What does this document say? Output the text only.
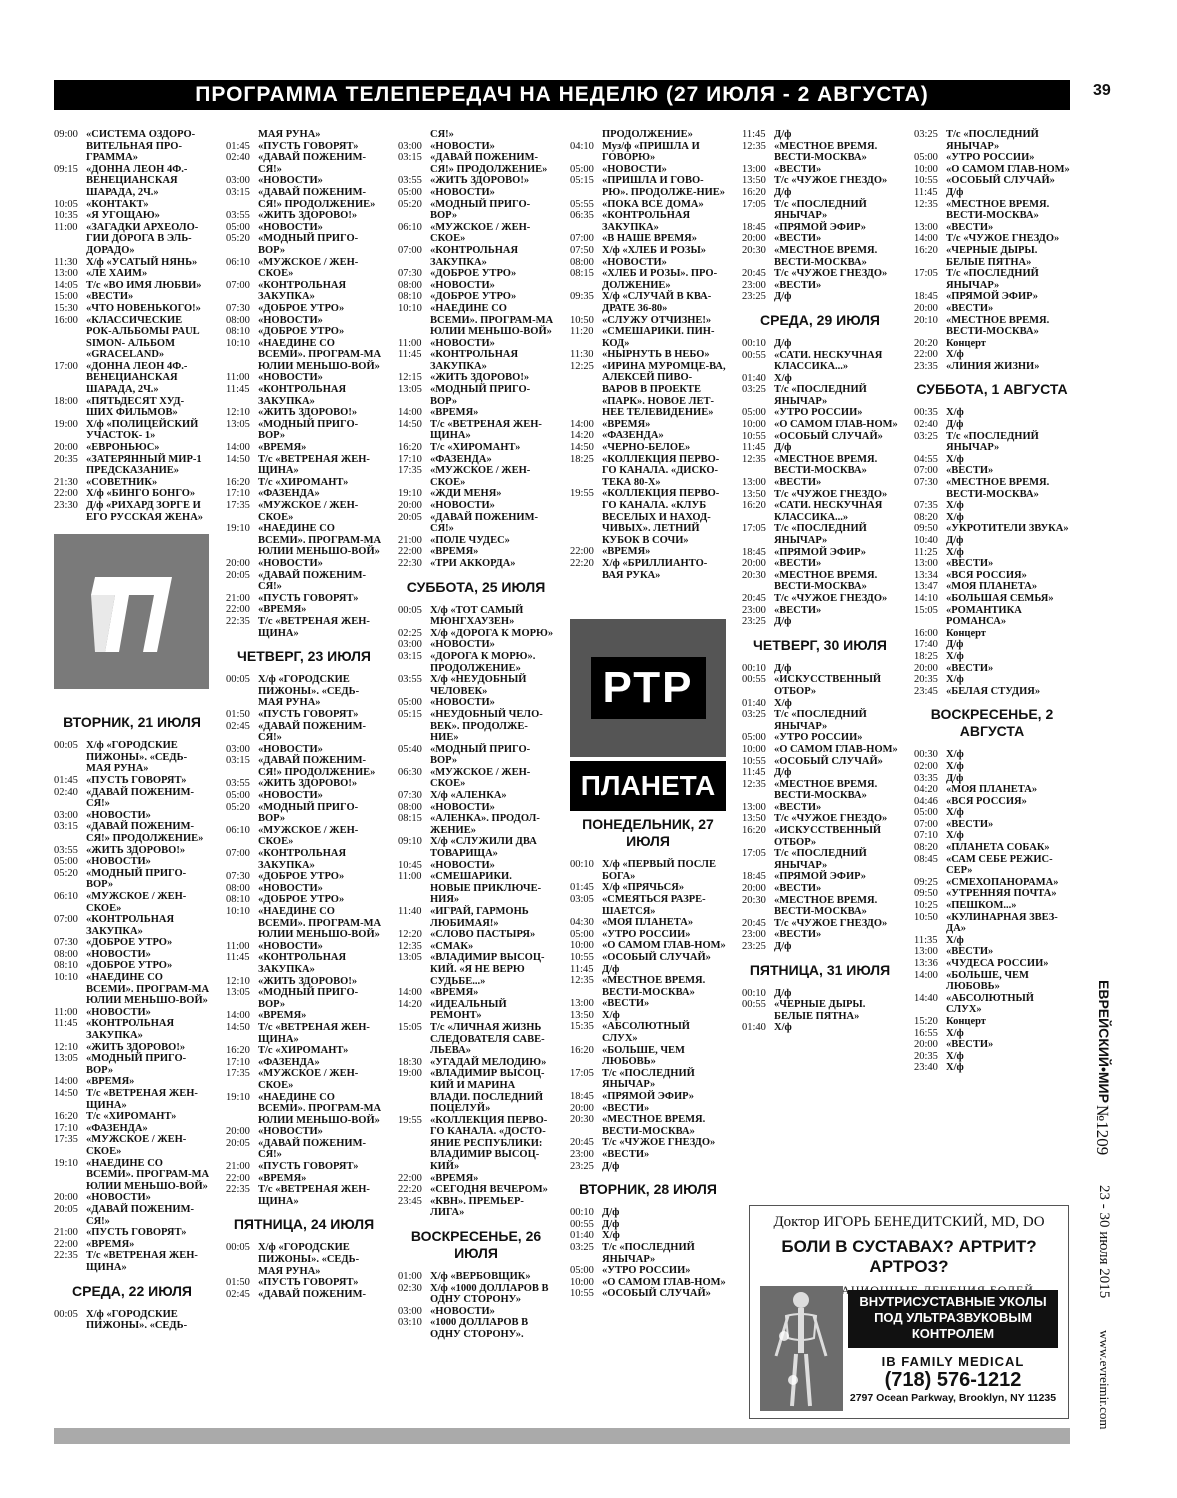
ПРОГРАММА ТЕЛЕПЕРЕДАЧ НА НЕДЕЛЮ (27 ИЮЛЯ - 2 АВГУСТА)	39
09:00 «СИСТЕМА ОЗДОРО-ВИТЕЛЬНАЯ ПРО-ГРАММА»
09:15 «ДОННА ЛЕОН 4Ф.-ВЕНЕЦИАНСКАЯ ШАРАДА, 2Ч.»
10:05 «КОНТАКТ»
10:35 «Я УГОЩАЮ»
11:00 «ЗАГАДКИ АРХЕОЛО-ГИИ ДОРОГА В ЭЛЬ-ДОРАДО»
11:30 Х/ф «УСАТЫЙ НЯНЬ»
13:00 «ЛЕ ХАИМ»
14:05 Т/с «ВО ИМЯ ЛЮБВИ»
15:00 «ВЕСТИ»
15:30 «ЧТО НОВЕНЬКОГО!»
16:00 «КЛАССИЧЕСКИЕ РОК-АЛЬБОМЫ PAUL SIMON- АЛЬБОМ «GRACELAND»
17:00 «ДОННА ЛЕОН 4Ф.-ВЕНЕЦИАНСКАЯ ШАРАДА, 2Ч.»
18:00 «ПЯТЬДЕСЯТ ХУД-ШИХ ФИЛЬМОВ»
19:00 Х/ф «ПОЛИЦЕЙСКИЙ УЧАСТОК- 1»
20:00 «ЕВРОНЬЮС»
20:35 «ЗАТЕРЯННЫЙ МИР-1 ПРЕДСКАЗАНИЕ»
21:30 «СОВЕТНИК»
22:00 Х/ф «БИНГО БОНГО»
23:30 Д/ф «РИХАРД ЗОРГЕ И ЕГО РУССКАЯ ЖЕНА»
ВТОРНИК, 21 ИЮЛЯ
00:05 Х/ф «ГОРОДСКИЕ ПИЖОНЫ». «СЕДЬ-МАЯ РУНА»
01:45 «ПУСТЬ ГОВОРЯТ»
02:40 «ДАВАЙ ПОЖЕНИМ-СЯ!»
03:00 «НОВОСТИ»
03:15 «ДАВАЙ ПОЖЕНИМ-СЯ!» ПРОДОЛЖЕНИЕ»
03:55 «ЖИТЬ ЗДОРОВО!»
05:00 «НОВОСТИ»
05:20 «МОДНЫЙ ПРИГО-ВОР»
06:10 «МУЖСКОЕ / ЖЕН-СКОЕ»
07:00 «КОНТРОЛЬНАЯ ЗАКУПКА»
07:30 «ДОБРОЕ УТРО»
08:00 «НОВОСТИ»
08:10 «ДОБРОЕ УТРО»
10:10 «НАЕДИНЕ СО ВСЕМИ». ПРОГРАМ-МА ЮЛИИ МЕНЬШО-ВОЙ»
11:00 «НОВОСТИ»
11:45 «КОНТРОЛЬНАЯ ЗАКУПКА»
12:10 «ЖИТЬ ЗДОРОВО!»
13:05 «МОДНЫЙ ПРИГО-ВОР»
14:00 «ВРЕМЯ»
14:50 Т/с «ВЕТРЕНАЯ ЖЕН-ЩИНА»
16:20 Т/с «ХИРОМАНТ»
17:10 «ФАЗЕНДА»
17:35 «МУЖСКОЕ / ЖЕН-СКОЕ»
19:10 «НАЕДИНЕ СО ВСЕМИ». ПРОГРАМ-МА ЮЛИИ МЕНЬШО-ВОЙ»
20:00 «НОВОСТИ»
20:05 «ДАВАЙ ПОЖЕНИМ-СЯ!»
21:00 «ПУСТЬ ГОВОРЯТ»
22:00 «ВРЕМЯ»
22:35 Т/с «ВЕТРЕНАЯ ЖЕН-ЩИНА»
СРЕДА, 22 ИЮЛЯ
00:05 Х/ф «ГОРОДСКИЕ ПИЖОНЫ». «СЕДЬ-
МАЯ РУНА»
01:45 «ПУСТЬ ГОВОРЯТ»
02:40 «ДАВАЙ ПОЖЕНИМ-СЯ!»
03:00 «НОВОСТИ»
03:15 «ДАВАЙ ПОЖЕНИМ-СЯ!» ПРОДОЛЖЕНИЕ»
03:55 «ЖИТЬ ЗДОРОВО!»
05:00 «НОВОСТИ»
05:20 «МОДНЫЙ ПРИГО-ВОР»
06:10 «МУЖСКОЕ / ЖЕН-СКОЕ»
07:00 «КОНТРОЛЬНАЯ ЗАКУПКА»
07:30 «ДОБРОЕ УТРО»
08:00 «НОВОСТИ»
08:10 «ДОБРОЕ УТРО»
10:10 «НАЕДИНЕ СО ВСЕМИ». ПРОГРАМ-МА ЮЛИИ МЕНЬШО-ВОЙ»
11:00 «НОВОСТИ»
11:45 «КОНТРОЛЬНАЯ ЗАКУПКА»
12:10 «ЖИТЬ ЗДОРОВО!»
13:05 «МОДНЫЙ ПРИГО-ВОР»
14:00 «ВРЕМЯ»
14:50 Т/с «ВЕТРЕНАЯ ЖЕН-ЩИНА»
16:20 Т/с «ХИРОМАНТ»
17:10 «ФАЗЕНДА»
17:35 «МУЖСКОЕ / ЖЕН-СКОЕ»
19:10 «НАЕДИНЕ СО ВСЕМИ». ПРОГРАМ-МА ЮЛИИ МЕНЬШО-ВОЙ»
20:00 «НОВОСТИ»
20:05 «ДАВАЙ ПОЖЕНИМ-СЯ!»
21:00 «ПУСТЬ ГОВОРЯТ»
22:00 «ВРЕМЯ»
22:35 Т/с «ВЕТРЕНАЯ ЖЕН-ЩИНА»
ЧЕТВЕРГ, 23 ИЮЛЯ
00:05 Х/ф «ГОРОДСКИЕ ПИЖОНЫ». «СЕДЬ-МАЯ РУНА»
01:50 «ПУСТЬ ГОВОРЯТ»
02:45 «ДАВАЙ ПОЖЕНИМ-СЯ!»
03:00 «НОВОСТИ»
03:15 «ДАВАЙ ПОЖЕНИМ-СЯ!» ПРОДОЛЖЕНИЕ»
03:55 «ЖИТЬ ЗДОРОВО!»
05:00 «НОВОСТИ»
05:20 «МОДНЫЙ ПРИГО-ВОР»
06:10 «МУЖСКОЕ / ЖЕН-СКОЕ»
07:00 «КОНТРОЛЬНАЯ ЗАКУПКА»
07:30 «ДОБРОЕ УТРО»
08:00 «НОВОСТИ»
08:10 «ДОБРОЕ УТРО»
10:10 «НАЕДИНЕ СО ВСЕМИ». ПРОГРАМ-МА ЮЛИИ МЕНЬШО-ВОЙ»
11:00 «НОВОСТИ»
11:45 «КОНТРОЛЬНАЯ ЗАКУПКА»
12:10 «ЖИТЬ ЗДОРОВО!»
13:05 «МОДНЫЙ ПРИГО-ВОР»
14:00 «ВРЕМЯ»
14:50 Т/с «ВЕТРЕНАЯ ЖЕН-ЩИНА»
16:20 Т/с «ХИРОМАНТ»
17:10 «ФАЗЕНДА»
17:35 «МУЖСКОЕ / ЖЕН-СКОЕ»
19:10 «НАЕДИНЕ СО ВСЕМИ». ПРОГРАМ-МА ЮЛИИ МЕНЬШО-ВОЙ»
20:00 «НОВОСТИ»
20:05 «ДАВАЙ ПОЖЕНИМ-СЯ!»
21:00 «ПУСТЬ ГОВОРЯТ»
22:00 «ВРЕМЯ»
22:35 Т/с «ВЕТРЕНАЯ ЖЕН-ЩИНА»
ПЯТНИЦА, 24 ИЮЛЯ
00:05 Х/ф «ГОРОДСКИЕ ПИЖОНЫ». «СЕДЬ-МАЯ РУНА»
01:50 «ПУСТЬ ГОВОРЯТ»
02:45 «ДАВАЙ ПОЖЕНИМ-
СЯ!»
03:00 «НОВОСТИ»
03:15 «ДАВАЙ ПОЖЕНИМ-СЯ!» ПРОДОЛЖЕНИЕ»
03:55 «ЖИТЬ ЗДОРОВО!»
05:00 «НОВОСТИ»
05:20 «МОДНЫЙ ПРИГО-ВОР»
06:10 «МУЖСКОЕ / ЖЕН-СКОЕ»
07:00 «КОНТРОЛЬНАЯ ЗАКУПКА»
07:30 «ДОБРОЕ УТРО»
08:00 «НОВОСТИ»
08:10 «ДОБРОЕ УТРО»
10:10 «НАЕДИНЕ СО ВСЕМИ». ПРОГРАМ-МА ЮЛИИ МЕНЬШО-ВОЙ»
11:00 «НОВОСТИ»
11:45 «КОНТРОЛЬНАЯ ЗАКУПКА»
12:15 «ЖИТЬ ЗДОРОВО!»
13:05 «МОДНЫЙ ПРИГО-ВОР»
14:00 «ВРЕМЯ»
14:50 Т/с «ВЕТРЕНАЯ ЖЕН-ЩИНА»
16:20 Т/с «ХИРОМАНТ»
17:10 «ФАЗЕНДА»
17:35 «МУЖСКОЕ / ЖЕН-СКОЕ»
19:10 «ЖДИ МЕНЯ»
20:00 «НОВОСТИ»
20:05 «ДАВАЙ ПОЖЕНИМ-СЯ!»
21:00 «ПОЛЕ ЧУДЕС»
22:00 «ВРЕМЯ»
22:30 «ТРИ АККОРДА»
СУББОТА, 25 ИЮЛЯ
00:05 Х/ф «ТОТ САМЫЙ МЮНГХАУЗЕН»
02:25 Х/ф «ДОРОГА К МОРЮ»
03:00 «НОВОСТИ»
03:15 «ДОРОГА К МОРЮ». ПРОДОЛЖЕНИЕ»
03:55 Х/ф «НЕУДОБНЫЙ ЧЕЛОВЕК»
05:00 «НОВОСТИ»
05:15 «НЕУДОБНЫЙ ЧЕЛО-ВЕК». ПРОДОЛЖЕ-НИЕ»
05:40 «МОДНЫЙ ПРИГО-ВОР»
06:30 «МУЖСКОЕ / ЖЕН-СКОЕ»
07:30 Х/ф «АЛЕНКА»
08:00 «НОВОСТИ»
08:15 «АЛЕНКА». ПРОДОЛ-ЖЕНИЕ»
09:10 Х/ф «СЛУЖИЛИ ДВА ТОВАРИЩА»
10:45 «НОВОСТИ»
11:00 «СМЕШАРИКИ. НОВЫЕ ПРИКЛЮЧЕ-НИЯ»
11:40 «ИГРАЙ, ГАРМОНЬ ЛЮБИМАЯ!»
12:20 «СЛОВО ПАСТЫРЯ»
12:35 «СМАК»
13:05 «ВЛАДИМИР ВЫСОЦ-КИЙ. «Я НЕ ВЕРЮ СУДЬБЕ...»
14:00 «ВРЕМЯ»
14:20 «ИДЕАЛЬНЫЙ РЕМОНТ»
15:05 Т/с «ЛИЧНАЯ ЖИЗНЬ СЛЕДОВАТЕЛЯ САВЕ-ЛЬЕВА»
18:30 «УГАДАЙ МЕЛОДИЮ»
19:00 «ВЛАДИМИР ВЫСОЦ-КИЙ И МАРИНА ВЛАДИ. ПОСЛЕДНИЙ ПОЦЕЛУЙ»
19:55 «КОЛЛЕКЦИЯ ПЕРВО-ГО КАНАЛА. «ДОСТО-ЯНИЕ РЕСПУБЛИКИ: ВЛАДИМИР ВЫСОЦ-КИЙ»
22:00 «ВРЕМЯ»
22:20 «СЕГОДНЯ ВЕЧЕРОМ»
23:45 «КВН». ПРЕМЬЕР-ЛИГА»
ВОСКРЕСЕНЬЕ, 26 ИЮЛЯ
01:00 Х/ф «ВЕРБОВЩИК»
02:30 Х/ф «1000 ДОЛЛАРОВ В ОДНУ СТОРОНУ»
03:00 «НОВОСТИ»
03:10 «1000 ДОЛЛАРОВ В ОДНУ СТОРОНУ».
ПРОДОЛЖЕНИЕ»
04:10 Муз/ф «ПРИШЛА И ГОВОРЮ»
05:00 «НОВОСТИ»
05:15 «ПРИШЛА И ГОВО-РЮ». ПРОДОЛЖЕ-НИЕ»
05:55 «ПОКА ВСЕ ДОМА»
06:35 «КОНТРОЛЬНАЯ ЗАКУПКА»
07:00 «В НАШЕ ВРЕМЯ»
07:50 Х/ф «ХЛЕБ И РОЗЫ»
08:00 «НОВОСТИ»
08:15 «ХЛЕБ И РОЗЫ». ПРО-ДОЛЖЕНИЕ»
09:35 Х/ф «СЛУЧАЙ В КВА-ДРАТЕ 36-80»
10:50 «СЛУЖУ ОТЧИЗНЕ!»
11:20 «СМЕШАРИКИ. ПИН-КОД»
11:30 «НЫРНУТЬ В НЕБО»
12:25 «ИРИНА МУРОМЦЕ-ВА, АЛЕКСЕЙ ПИВО-ВАРОВ В ПРОЕКТЕ «ПАРК». НОВОЕ ЛЕТ-НЕЕ ТЕЛЕВИДЕНИЕ»
14:00 «ВРЕМЯ»
14:20 «ФАЗЕНДА»
14:50 «ЧЕРНО-БЕЛОЕ»
18:25 «КОЛЛЕКЦИЯ ПЕРВО-ГО КАНАЛА. «ДИСКО-ТЕКА 80-Х»
19:55 «КОЛЛЕКЦИЯ ПЕРВО-ГО КАНАЛА. «КЛУБ ВЕСЕЛЫХ И НАХОД-ЧИВЫХ». ЛЕТНИЙ КУБОК В СОЧИ»
22:00 «ВРЕМЯ»
22:20 Х/ф «БРИЛЛИАНТО-ВАЯ РУКА»
ПОНЕДЕЛЬНИК, 27 ИЮЛЯ
00:10 Х/ф «ПЕРВЫЙ ПОСЛЕ БОГА»
01:45 Х/ф «ПРЯЧЬСЯ»
03:05 «СМЕЯТЬСЯ РАЗРЕ-ШАЕТСЯ»
04:30 «МОЯ ПЛАНЕТА»
05:00 «УТРО РОССИИ»
10:00 «О САМОМ ГЛАВ-НОМ»
10:55 «ОСОБЫЙ СЛУЧАЙ»
11:45 Д/ф
12:35 «МЕСТНОЕ ВРЕМЯ. ВЕСТИ-МОСКВА»
13:00 «ВЕСТИ»
13:50 Х/ф
15:35 «АБСОЛЮТНЫЙ СЛУХ»
16:20 «БОЛЬШЕ, ЧЕМ ЛЮБОВЬ»
17:05 Т/с «ПОСЛЕДНИЙ ЯНЫЧАР»
18:45 «ПРЯМОЙ ЭФИР»
20:00 «ВЕСТИ»
20:30 «МЕСТНОЕ ВРЕМЯ. ВЕСТИ-МОСКВА»
20:45 Т/с «ЧУЖОЕ ГНЕЗДО»
23:00 «ВЕСТИ»
23:25 Д/ф
ВТОРНИК, 28 ИЮЛЯ
00:10 Д/ф
00:55 Д/ф
01:40 Х/ф
03:25 Т/с «ПОСЛЕДНИЙ ЯНЫЧАР»
05:00 «УТРО РОССИИ»
10:00 «О САМОМ ГЛАВ-НОМ»
10:55 «ОСОБЫЙ СЛУЧАЙ»
11:45 Д/ф
12:35 «МЕСТНОЕ ВРЕМЯ. ВЕСТИ-МОСКВА»
13:00 «ВЕСТИ»
13:50 Т/с «ЧУЖОЕ ГНЕЗДО»
16:20 Д/ф
17:05 Т/с «ПОСЛЕДНИЙ ЯНЫЧАР»
18:45 «ПРЯМОЙ ЭФИР»
20:00 «ВЕСТИ»
20:30 «МЕСТНОЕ ВРЕМЯ. ВЕСТИ-МОСКВА»
20:45 Т/с «ЧУЖОЕ ГНЕЗДО»
23:00 «ВЕСТИ»
23:25 Д/ф
СРЕДА, 29 ИЮЛЯ
00:10 Д/ф
00:55 «САТИ. НЕСКУЧНАЯ КЛАССИКА...»
01:40 Х/ф
03:25 Т/с «ПОСЛЕДНИЙ ЯНЫЧАР»
05:00 «УТРО РОССИИ»
10:00 «О САМОМ ГЛАВ-НОМ»
10:55 «ОСОБЫЙ СЛУЧАЙ»
11:45 Д/ф
12:35 «МЕСТНОЕ ВРЕМЯ. ВЕСТИ-МОСКВА»
13:00 «ВЕСТИ»
13:50 Т/с «ЧУЖОЕ ГНЕЗДО»
16:20 «САТИ. НЕСКУЧНАЯ КЛАССИКА...»
17:05 Т/с «ПОСЛЕДНИЙ ЯНЫЧАР»
18:45 «ПРЯМОЙ ЭФИР»
20:00 «ВЕСТИ»
20:30 «МЕСТНОЕ ВРЕМЯ. ВЕСТИ-МОСКВА»
20:45 Т/с «ЧУЖОЕ ГНЕЗДО»
23:00 «ВЕСТИ»
23:25 Д/ф
ЧЕТВЕРГ, 30 ИЮЛЯ
00:10 Д/ф
00:55 «ИСКУССТВЕННЫЙ ОТБОР»
01:40 Х/ф
03:25 Т/с «ПОСЛЕДНИЙ ЯНЫЧАР»
05:00 «УТРО РОССИИ»
10:00 «О САМОМ ГЛАВ-НОМ»
10:55 «ОСОБЫЙ СЛУЧАЙ»
11:45 Д/ф
12:35 «МЕСТНОЕ ВРЕМЯ. ВЕСТИ-МОСКВА»
13:00 «ВЕСТИ»
13:50 Т/с «ЧУЖОЕ ГНЕЗДО»
16:20 «ИСКУССТВЕННЫЙ ОТБОР»
17:05 Т/с «ПОСЛЕДНИЙ ЯНЫЧАР»
18:45 «ПРЯМОЙ ЭФИР»
20:00 «ВЕСТИ»
20:30 «МЕСТНОЕ ВРЕМЯ. ВЕСТИ-МОСКВА»
20:45 Т/с «ЧУЖОЕ ГНЕЗДО»
23:00 «ВЕСТИ»
23:25 Д/ф
ПЯТНИЦА, 31 ИЮЛЯ
00:10 Д/ф
00:55 «ЧЕРНЫЕ ДЫРЫ. БЕЛЫЕ ПЯТНА»
01:40 Х/ф
03:25 Т/с «ПОСЛЕДНИЙ ЯНЫЧАР»
05:00 «УТРО РОССИИ»
10:00 «О САМОМ ГЛАВ-НОМ»
10:55 «ОСОБЫЙ СЛУЧАЙ»
11:45 Д/ф
12:35 «МЕСТНОЕ ВРЕМЯ. ВЕСТИ-МОСКВА»
13:00 «ВЕСТИ»
14:00 Т/с «ЧУЖОЕ ГНЕЗДО»
16:20 «ЧЕРНЫЕ ДЫРЫ. БЕЛЫЕ ПЯТНА»
17:05 Т/с «ПОСЛЕДНИЙ ЯНЫЧАР»
18:45 «ПРЯМОЙ ЭФИР»
20:00 «ВЕСТИ»
20:10 «МЕСТНОЕ ВРЕМЯ. ВЕСТИ-МОСКВА»
20:20 Концерт
22:00 Х/ф
23:35 «ЛИНИЯ ЖИЗНИ»
СУББОТА, 1 АВГУСТА
00:35 Х/ф
02:40 Д/ф
03:25 Т/с «ПОСЛЕДНИЙ ЯНЫЧАР»
04:55 Х/ф
07:00 «ВЕСТИ»
07:30 «МЕСТНОЕ ВРЕМЯ. ВЕСТИ-МОСКВА»
07:35 Х/ф
08:20 Х/ф
09:50 «УКРОТИТЕЛИ ЗВУКА»
10:40 Д/ф
11:25 Х/ф
13:00 «ВЕСТИ»
13:34 «ВСЯ РОССИЯ»
13:47 «МОЯ ПЛАНЕТА»
14:10 «БОЛЬШАЯ СЕМЬЯ»
15:05 «РОМАНТИКА РОМАНСА»
16:00 Концерт
17:40 Д/ф
18:25 Х/ф
20:00 «ВЕСТИ»
20:35 Х/ф
23:45 «БЕЛАЯ СТУДИЯ»
ВОСКРЕСЕНЬЕ, 2 АВГУСТА
00:30 Х/ф
02:00 Х/ф
03:35 Д/ф
04:20 «МОЯ ПЛАНЕТА»
04:46 «ВСЯ РОССИЯ»
05:00 Х/ф
07:00 «ВЕСТИ»
07:10 Х/ф
08:20 «ПЛАНЕТА СОБАК»
08:45 «САМ СЕБЕ РЕЖИС-СЕР»
09:25 «СМЕХОПАНОРАМА»
09:50 «УТРЕННЯЯ ПОЧТА»
10:25 «ПЕШКОМ...»
10:50 «КУЛИНАРНАЯ ЗВЕЗ-ДА»
11:35 Х/ф
13:00 «ВЕСТИ»
13:36 «ЧУДЕСА РОССИИ»
14:00 «БОЛЬШЕ, ЧЕМ ЛЮБОВЬ»
14:40 «АБСОЛЮТНЫЙ СЛУХ»
15:20 Концерт
16:55 Х/ф
20:00 «ВЕСТИ»
20:35 Х/ф
23:40 Х/ф
РТР
ПЛАНЕТА
Доктор ИГОРЬ БЕНЕДИТСКИЙ, MD, DO
БОЛИ В СУСТАВАХ? АРТРИТ? АРТРОЗ?
ВНУТРИСУСТАВНЫЕ УКОЛЫ ПОД УЛЬТРАЗВУКОВЫМ КОНТРОЛЕМ
IB FAMILY MEDICAL
(718) 576-1212
2797 Ocean Parkway, Brooklyn, NY 11235
ЕВРЕЙСКИЙ•МИР
№1209
23 - 30 июля 2015
www.evreimir.com
